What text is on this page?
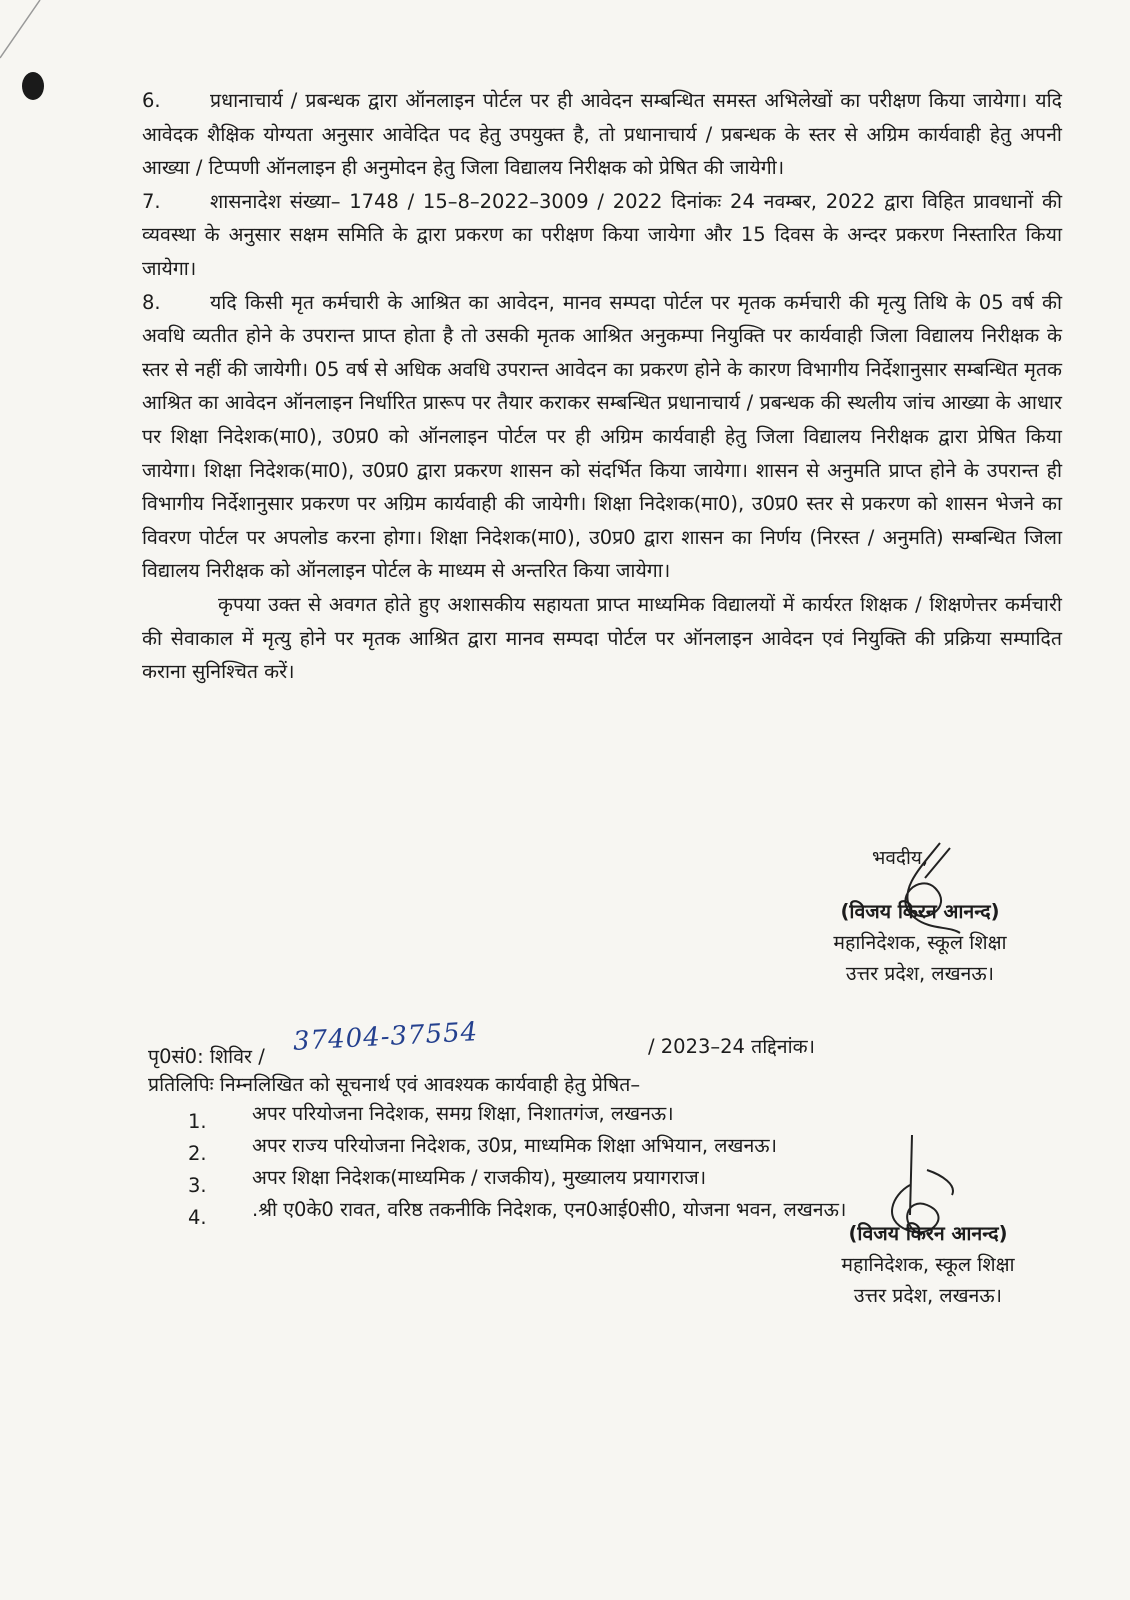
6.	प्रधानाचार्य / प्रबन्धक द्वारा ऑनलाइन पोर्टल पर ही आवेदन सम्बन्धित समस्त अभिलेखों का परीक्षण किया जायेगा। यदि आवेदक शैक्षिक योग्यता अनुसार आवेदित पद हेतु उपयुक्त है, तो प्रधानाचार्य / प्रबन्धक के स्तर से अग्रिम कार्यवाही हेतु अपनी आख्या / टिप्पणी ऑनलाइन ही अनुमोदन हेतु जिला विद्यालय निरीक्षक को प्रेषित की जायेगी।

7.	शासनादेश संख्या– 1748 / 15–8–2022–3009 / 2022 दिनांकः 24 नवम्बर, 2022 द्वारा विहित प्रावधानों की व्यवस्था के अनुसार सक्षम समिति के द्वारा प्रकरण का परीक्षण किया जायेगा और 15 दिवस के अन्दर प्रकरण निस्तारित किया जायेगा।

8.	यदि किसी मृत कर्मचारी के आश्रित का आवेदन, मानव सम्पदा पोर्टल पर मृतक कर्मचारी की मृत्यु तिथि के 05 वर्ष की अवधि व्यतीत होने के उपरान्त प्राप्त होता है तो उसकी मृतक आश्रित अनुकम्पा नियुक्ति पर कार्यवाही जिला विद्यालय निरीक्षक के स्तर से नहीं की जायेगी। 05 वर्ष से अधिक अवधि उपरान्त आवेदन का प्रकरण होने के कारण विभागीय निर्देशानुसार सम्बन्धित मृतक आश्रित का आवेदन ऑनलाइन निर्धारित प्रारूप पर तैयार कराकर सम्बन्धित प्रधानाचार्य / प्रबन्धक की स्थलीय जांच आख्या के आधार पर शिक्षा निदेशक(मा0), उ0प्र0 को ऑनलाइन पोर्टल पर ही अग्रिम कार्यवाही हेतु जिला विद्यालय निरीक्षक द्वारा प्रेषित किया जायेगा। शिक्षा निदेशक(मा0), उ0प्र0 द्वारा प्रकरण शासन को संदर्भित किया जायेगा। शासन से अनुमति प्राप्त होने के उपरान्त ही विभागीय निर्देशानुसार प्रकरण पर अग्रिम कार्यवाही की जायेगी। शिक्षा निदेशक(मा0), उ0प्र0 स्तर से प्रकरण को शासन भेजने का विवरण पोर्टल पर अपलोड करना होगा। शिक्षा निदेशक(मा0), उ0प्र0 द्वारा शासन का निर्णय (निरस्त / अनुमति) सम्बन्धित जिला विद्यालय निरीक्षक को ऑनलाइन पोर्टल के माध्यम से अन्तरित किया जायेगा।

कृपया उक्त से अवगत होते हुए अशासकीय सहायता प्राप्त माध्यमिक विद्यालयों में कार्यरत शिक्षक / शिक्षणेत्तर कर्मचारी की सेवाकाल में मृत्यु होने पर मृतक आश्रित द्वारा मानव सम्पदा पोर्टल पर ऑनलाइन आवेदन एवं नियुक्ति की प्रक्रिया सम्पादित कराना सुनिश्चित करें।

भवदीय,
(विजय किरन आनन्द)
महानिदेशक, स्कूल शिक्षा
उत्तर प्रदेश, लखनऊ।
पृ0सं0: शिविर / 37404-37554	/ 2023–24 तद्दिनांक।
प्रतिलिपिः निम्नलिखित को सूचनार्थ एवं आवश्यक कार्यवाही हेतु प्रेषित–
1. अपर परियोजना निदेशक, समग्र शिक्षा, निशातगंज, लखनऊ।
2. अपर राज्य परियोजना निदेशक, उ0प्र, माध्यमिक शिक्षा अभियान, लखनऊ।
3. अपर शिक्षा निदेशक(माध्यमिक / राजकीय), मुख्यालय प्रयागराज।
4. .श्री ए0के0 रावत, वरिष्ठ तकनीकि निदेशक, एन0आई0सी0, योजना भवन, लखनऊ।
(विजय किरन आनन्द)
महानिदेशक, स्कूल शिक्षा
उत्तर प्रदेश, लखनऊ।
